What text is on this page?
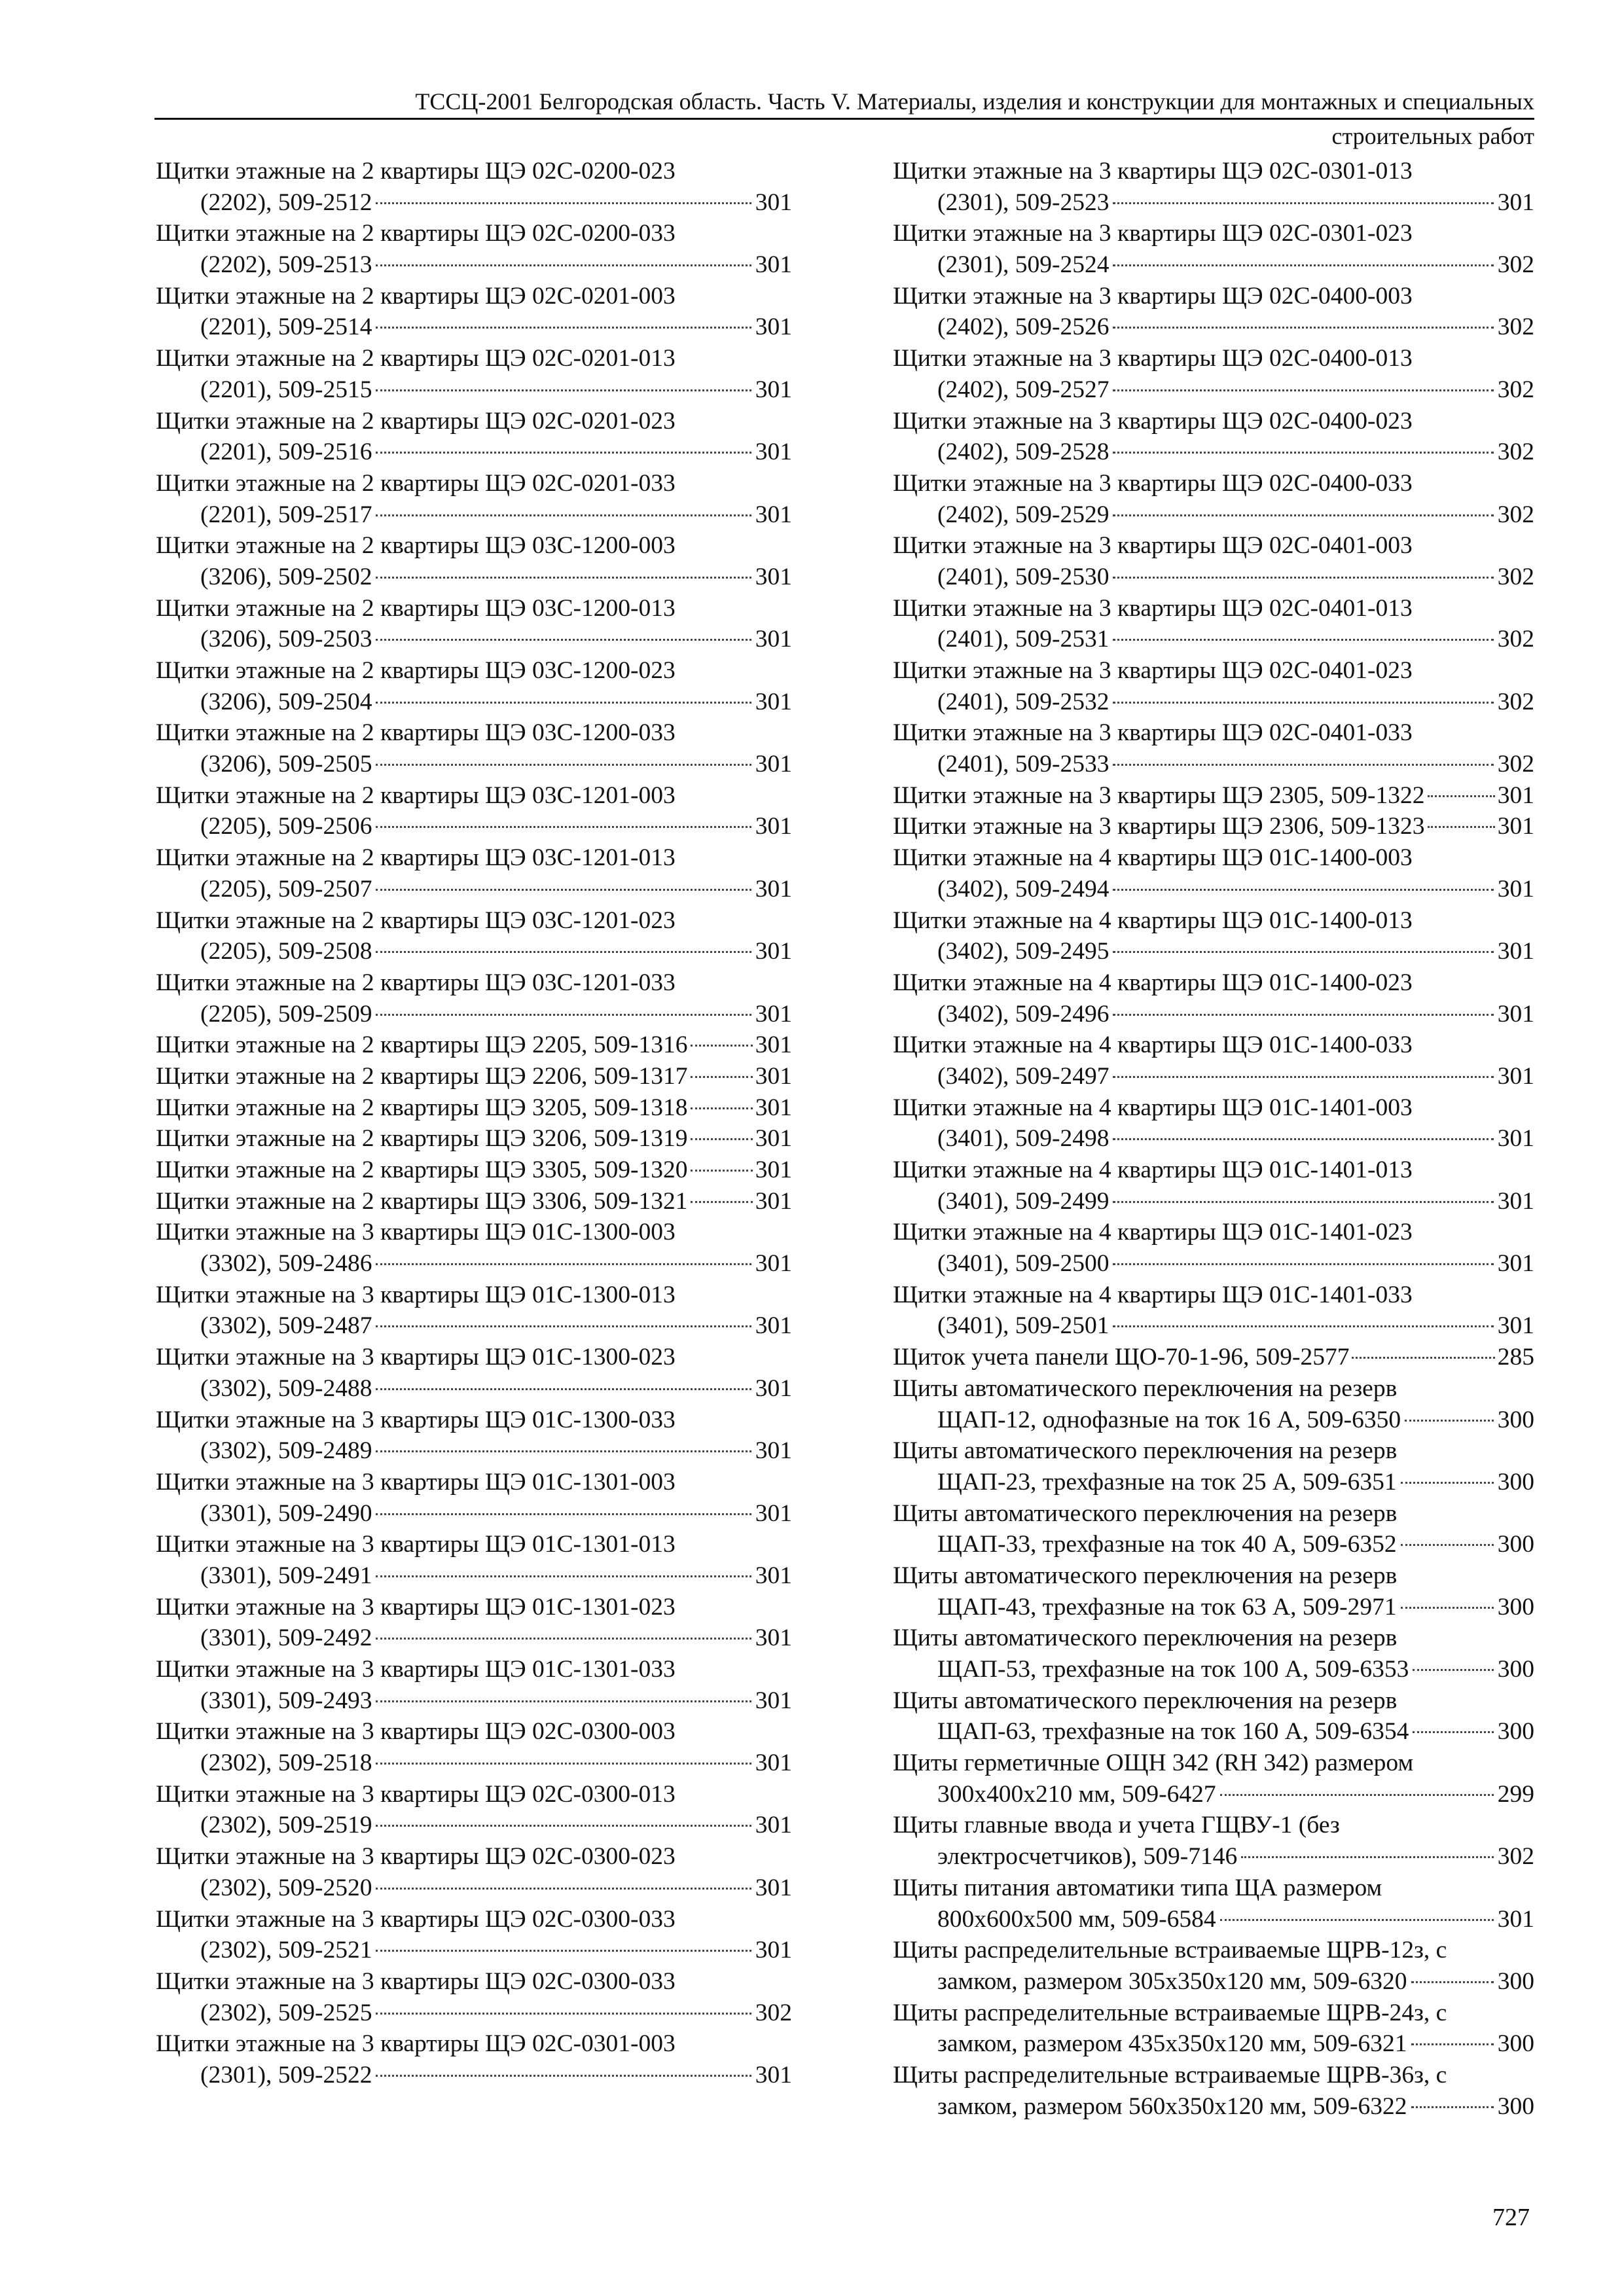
ТССЦ-2001 Белгородская область. Часть V. Материалы, изделия и конструкции для монтажных и специальных
строительных работ
Щитки этажные на 2 квартиры ЩЭ 02С-0200-023
(2202), 509-2512	301
Щитки этажные на 2 квартиры ЩЭ 02С-0200-033
(2202), 509-2513	301
Щитки этажные на 2 квартиры ЩЭ 02С-0201-003
(2201), 509-2514	301
Щитки этажные на 2 квартиры ЩЭ 02С-0201-013
(2201), 509-2515	301
Щитки этажные на 2 квартиры ЩЭ 02С-0201-023
(2201), 509-2516	301
Щитки этажные на 2 квартиры ЩЭ 02С-0201-033
(2201), 509-2517	301
Щитки этажные на 2 квартиры ЩЭ 03С-1200-003
(3206), 509-2502	301
Щитки этажные на 2 квартиры ЩЭ 03С-1200-013
(3206), 509-2503	301
Щитки этажные на 2 квартиры ЩЭ 03С-1200-023
(3206), 509-2504	301
Щитки этажные на 2 квартиры ЩЭ 03С-1200-033
(3206), 509-2505	301
Щитки этажные на 2 квартиры ЩЭ 03С-1201-003
(2205), 509-2506	301
Щитки этажные на 2 квартиры ЩЭ 03С-1201-013
(2205), 509-2507	301
Щитки этажные на 2 квартиры ЩЭ 03С-1201-023
(2205), 509-2508	301
Щитки этажные на 2 квартиры ЩЭ 03С-1201-033
(2205), 509-2509	301
Щитки этажные на 2 квартиры ЩЭ 2205, 509-1316	301
Щитки этажные на 2 квартиры ЩЭ 2206, 509-1317	301
Щитки этажные на 2 квартиры ЩЭ 3205, 509-1318	301
Щитки этажные на 2 квартиры ЩЭ 3206, 509-1319	301
Щитки этажные на 2 квартиры ЩЭ 3305, 509-1320	301
Щитки этажные на 2 квартиры ЩЭ 3306, 509-1321	301
Щитки этажные на 3 квартиры ЩЭ 01С-1300-003
(3302), 509-2486	301
Щитки этажные на 3 квартиры ЩЭ 01С-1300-013
(3302), 509-2487	301
Щитки этажные на 3 квартиры ЩЭ 01С-1300-023
(3302), 509-2488	301
Щитки этажные на 3 квартиры ЩЭ 01С-1300-033
(3302), 509-2489	301
Щитки этажные на 3 квартиры ЩЭ 01С-1301-003
(3301), 509-2490	301
Щитки этажные на 3 квартиры ЩЭ 01С-1301-013
(3301), 509-2491	301
Щитки этажные на 3 квартиры ЩЭ 01С-1301-023
(3301), 509-2492	301
Щитки этажные на 3 квартиры ЩЭ 01С-1301-033
(3301), 509-2493	301
Щитки этажные на 3 квартиры ЩЭ 02С-0300-003
(2302), 509-2518	301
Щитки этажные на 3 квартиры ЩЭ 02С-0300-013
(2302), 509-2519	301
Щитки этажные на 3 квартиры ЩЭ 02С-0300-023
(2302), 509-2520	301
Щитки этажные на 3 квартиры ЩЭ 02С-0300-033
(2302), 509-2521	301
Щитки этажные на 3 квартиры ЩЭ 02С-0300-033
(2302), 509-2525	302
Щитки этажные на 3 квартиры ЩЭ 02С-0301-003
(2301), 509-2522	301
Щитки этажные на 3 квартиры ЩЭ 02С-0301-013
(2301), 509-2523	301
Щитки этажные на 3 квартиры ЩЭ 02С-0301-023
(2301), 509-2524	302
Щитки этажные на 3 квартиры ЩЭ 02С-0400-003
(2402), 509-2526	302
Щитки этажные на 3 квартиры ЩЭ 02С-0400-013
(2402), 509-2527	302
Щитки этажные на 3 квартиры ЩЭ 02С-0400-023
(2402), 509-2528	302
Щитки этажные на 3 квартиры ЩЭ 02С-0400-033
(2402), 509-2529	302
Щитки этажные на 3 квартиры ЩЭ 02С-0401-003
(2401), 509-2530	302
Щитки этажные на 3 квартиры ЩЭ 02С-0401-013
(2401), 509-2531	302
Щитки этажные на 3 квартиры ЩЭ 02С-0401-023
(2401), 509-2532	302
Щитки этажные на 3 квартиры ЩЭ 02С-0401-033
(2401), 509-2533	302
Щитки этажные на 3 квартиры ЩЭ 2305, 509-1322	301
Щитки этажные на 3 квартиры ЩЭ 2306, 509-1323	301
Щитки этажные на 4 квартиры ЩЭ 01С-1400-003
(3402), 509-2494	301
Щитки этажные на 4 квартиры ЩЭ 01С-1400-013
(3402), 509-2495	301
Щитки этажные на 4 квартиры ЩЭ 01С-1400-023
(3402), 509-2496	301
Щитки этажные на 4 квартиры ЩЭ 01С-1400-033
(3402), 509-2497	301
Щитки этажные на 4 квартиры ЩЭ 01С-1401-003
(3401), 509-2498	301
Щитки этажные на 4 квартиры ЩЭ 01С-1401-013
(3401), 509-2499	301
Щитки этажные на 4 квартиры ЩЭ 01С-1401-023
(3401), 509-2500	301
Щитки этажные на 4 квартиры ЩЭ 01С-1401-033
(3401), 509-2501	301
Щиток учета панели ЩО-70-1-96, 509-2577	285
Щиты автоматического переключения на резерв
ЩАП-12, однофазные на ток 16 А, 509-6350	300
Щиты автоматического переключения на резерв
ЩАП-23, трехфазные на ток 25 А, 509-6351	300
Щиты автоматического переключения на резерв
ЩАП-33, трехфазные на ток 40 А, 509-6352	300
Щиты автоматического переключения на резерв
ЩАП-43, трехфазные на ток 63 А, 509-2971	300
Щиты автоматического переключения на резерв
ЩАП-53, трехфазные на ток 100 А, 509-6353	300
Щиты автоматического переключения на резерв
ЩАП-63, трехфазные на ток 160 А, 509-6354	300
Щиты герметичные ОЩН 342 (RH 342) размером
300х400х210 мм, 509-6427	299
Щиты главные ввода и учета ГЩВУ-1 (без
электросчетчиков), 509-7146	302
Щиты питания автоматики типа ЩА размером
800х600х500 мм, 509-6584	301
Щиты распределительные встраиваемые ЩРВ-12з, с
замком, размером 305х350х120 мм, 509-6320	300
Щиты распределительные встраиваемые ЩРВ-24з, с
замком, размером 435х350х120 мм, 509-6321	300
Щиты распределительные встраиваемые ЩРВ-36з, с
замком, размером 560х350х120 мм, 509-6322	300
727
